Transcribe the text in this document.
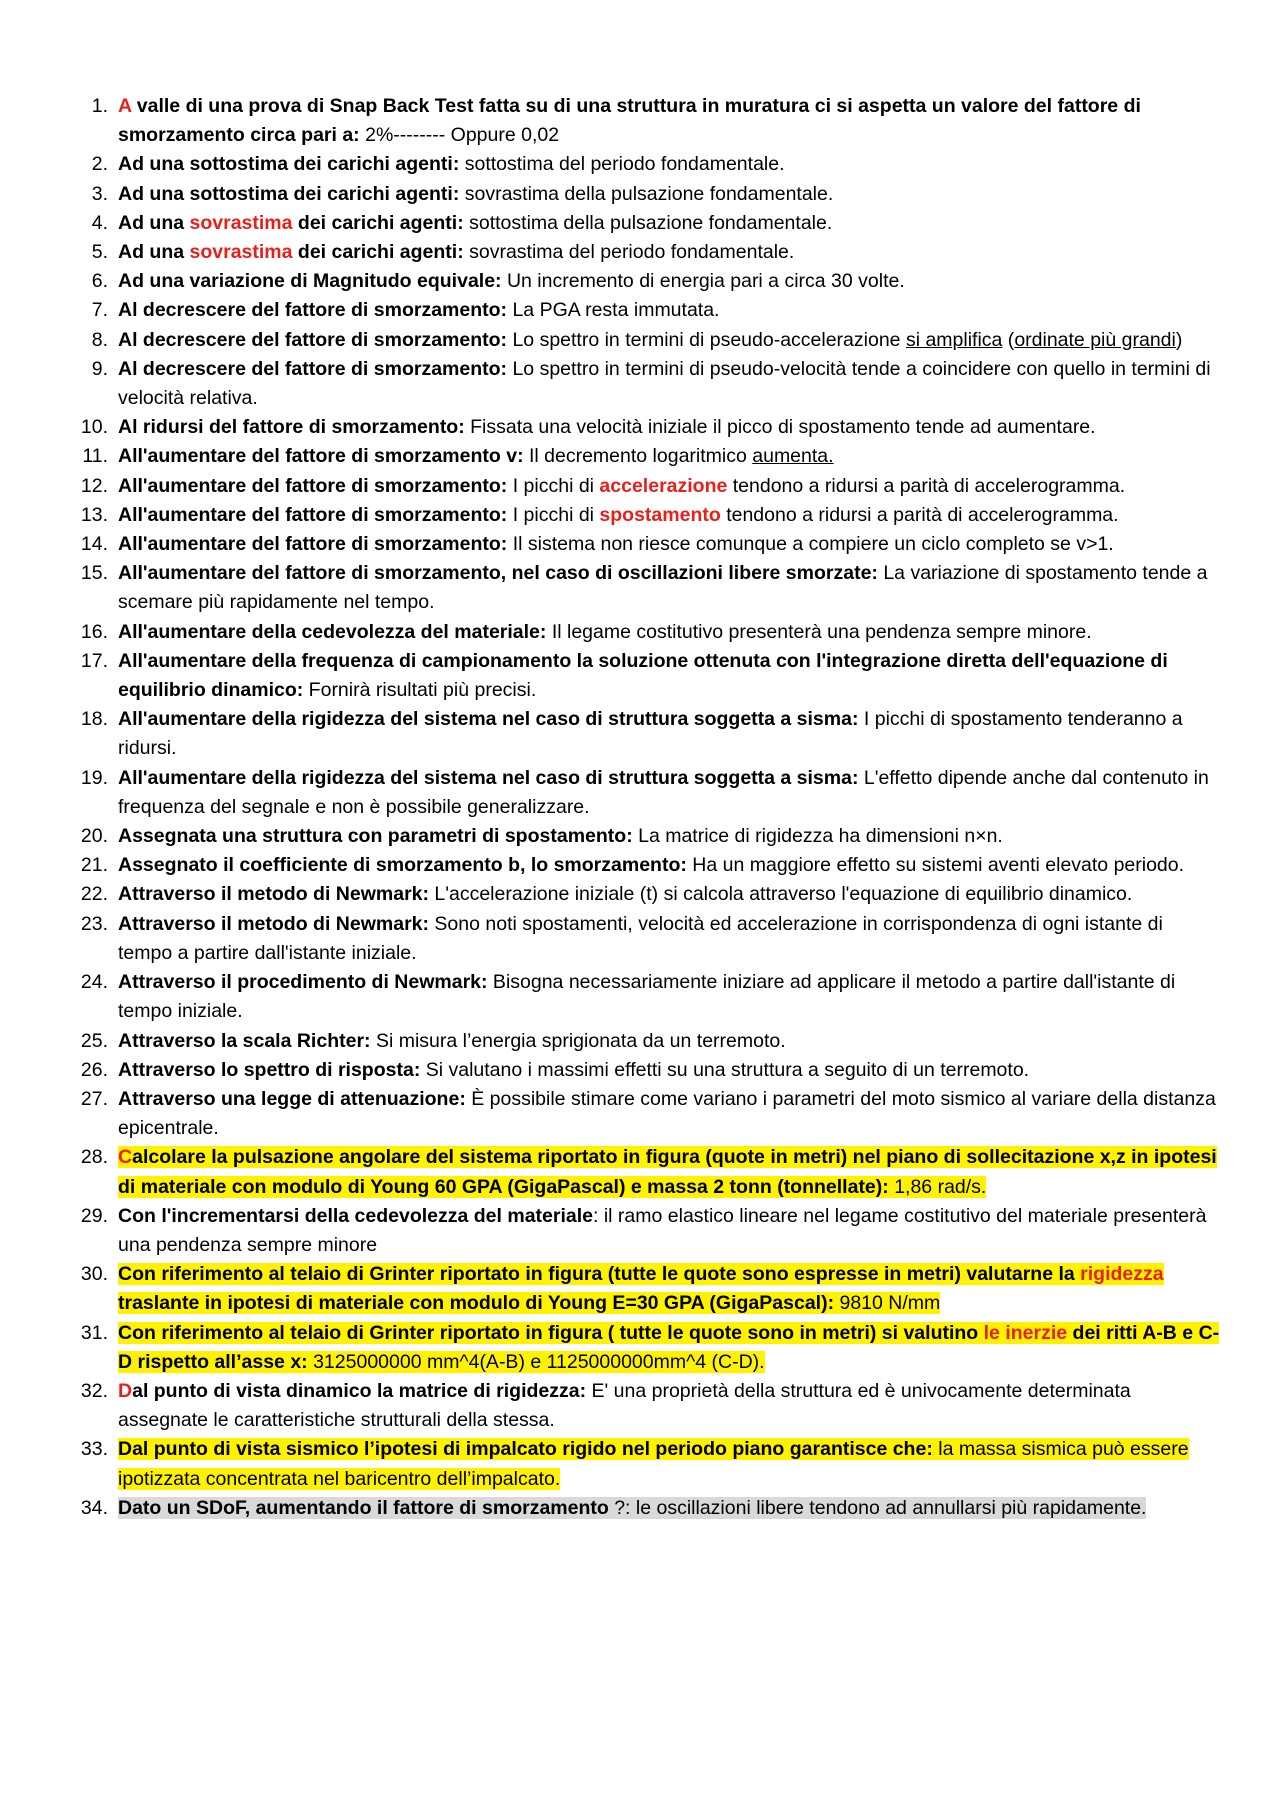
1. A valle di una prova di Snap Back Test fatta su di una struttura in muratura ci si aspetta un valore del fattore di smorzamento circa pari a: 2%-------- Oppure 0,02
2. Ad una sottostima dei carichi agenti: sottostima del periodo fondamentale.
3. Ad una sottostima dei carichi agenti: sovrastima della pulsazione fondamentale.
4. Ad una sovrastima dei carichi agenti: sottostima della pulsazione fondamentale.
5. Ad una sovrastima dei carichi agenti: sovrastima del periodo fondamentale.
6. Ad una variazione di Magnitudo equivale: Un incremento di energia pari a circa 30 volte.
7. Al decrescere del fattore di smorzamento: La PGA resta immutata.
8. Al decrescere del fattore di smorzamento: Lo spettro in termini di pseudo-accelerazione si amplifica (ordinate più grandi)
9. Al decrescere del fattore di smorzamento: Lo spettro in termini di pseudo-velocità tende a coincidere con quello in termini di velocità relativa.
10. Al ridursi del fattore di smorzamento: Fissata una velocità iniziale il picco di spostamento tende ad aumentare.
11. All'aumentare del fattore di smorzamento v: Il decremento logaritmico aumenta.
12. All'aumentare del fattore di smorzamento: I picchi di accelerazione tendono a ridursi a parità di accelerogramma.
13. All'aumentare del fattore di smorzamento: I picchi di spostamento tendono a ridursi a parità di accelerogramma.
14. All'aumentare del fattore di smorzamento: Il sistema non riesce comunque a compiere un ciclo completo se v>1.
15. All'aumentare del fattore di smorzamento, nel caso di oscillazioni libere smorzate: La variazione di spostamento tende a scemare più rapidamente nel tempo.
16. All'aumentare della cedevolezza del materiale: Il legame costitutivo presenterà una pendenza sempre minore.
17. All'aumentare della frequenza di campionamento la soluzione ottenuta con l'integrazione diretta dell'equazione di equilibrio dinamico: Fornirà risultati più precisi.
18. All'aumentare della rigidezza del sistema nel caso di struttura soggetta a sisma: I picchi di spostamento tenderanno a ridursi.
19. All'aumentare della rigidezza del sistema nel caso di struttura soggetta a sisma: L'effetto dipende anche dal contenuto in frequenza del segnale e non è possibile generalizzare.
20. Assegnata una struttura con parametri di spostamento: La matrice di rigidezza ha dimensioni n×n.
21. Assegnato il coefficiente di smorzamento b, lo smorzamento: Ha un maggiore effetto su sistemi aventi elevato periodo.
22. Attraverso il metodo di Newmark: L'accelerazione iniziale (t) si calcola attraverso l'equazione di equilibrio dinamico.
23. Attraverso il metodo di Newmark: Sono noti spostamenti, velocità ed accelerazione in corrispondenza di ogni istante di tempo a partire dall'istante iniziale.
24. Attraverso il procedimento di Newmark: Bisogna necessariamente iniziare ad applicare il metodo a partire dall'istante di tempo iniziale.
25. Attraverso la scala Richter: Si misura l’energia sprigionata da un terremoto.
26. Attraverso lo spettro di risposta: Si valutano i massimi effetti su una struttura a seguito di un terremoto.
27. Attraverso una legge di attenuazione: È possibile stimare come variano i parametri del moto sismico al variare della distanza epicentrale.
28. Calcolare la pulsazione angolare del sistema riportato in figura (quote in metri) nel piano di sollecitazione x,z in ipotesi di materiale con modulo di Young 60 GPA (GigaPascal) e massa 2 tonn (tonnellate): 1,86 rad/s.
29. Con l'incrementarsi della cedevolezza del materiale: il ramo elastico lineare nel legame costitutivo del materiale presenterà una pendenza sempre minore
30. Con riferimento al telaio di Grinter riportato in figura (tutte le quote sono espresse in metri) valutarne la rigidezza traslante in ipotesi di materiale con modulo di Young E=30 GPA (GigaPascal): 9810 N/mm
31. Con riferimento al telaio di Grinter riportato in figura ( tutte le quote sono in metri) si valutino le inerzie dei ritti A-B e C- D rispetto all’asse x: 3125000000 mm^4(A-B) e 1125000000mm^4 (C-D).
32. Dal punto di vista dinamico la matrice di rigidezza: E' una proprietà della struttura ed è univocamente determinata assegnate le caratteristiche strutturali della stessa.
33. Dal punto di vista sismico l’ipotesi di impalcato rigido nel periodo piano garantisce che: la massa sismica può essere ipotizzata concentrata nel baricentro dell’impalcato.
34. Dato un SDoF, aumentando il fattore di smorzamento ?: le oscillazioni libere tendono ad annullarsi più rapidamente.
